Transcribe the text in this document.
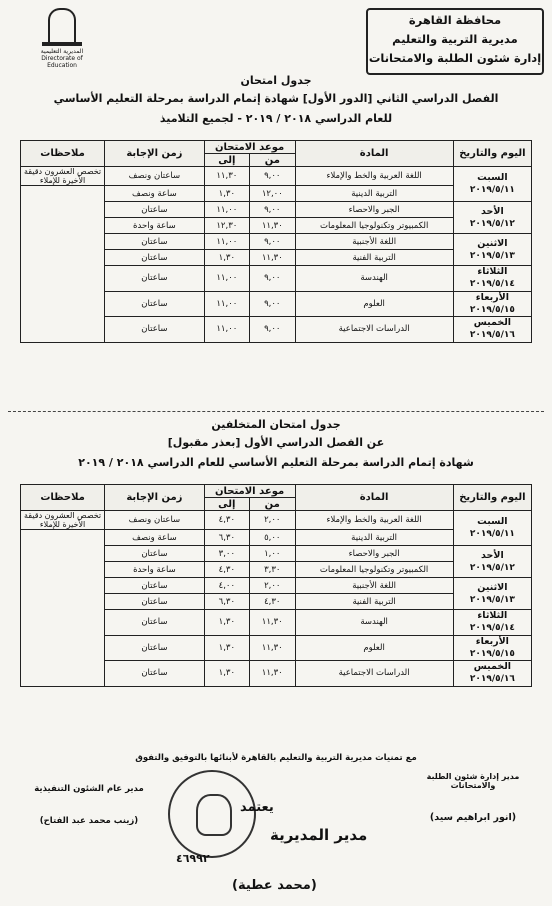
المديرية التعليمية Directorate of Education
محافظة القاهرة
مديرية التربية والتعليم
إدارة شئون الطلبة والامتحانات
جدول امتحان
الفصل الدراسي الثاني [الدور الأول] شهادة إتمام الدراسة بمرحلة التعليم الأساسي
للعام الدراسي ٢٠١٨ / ٢٠١٩ - لجميع التلاميذ
اليوم والتاريخ	المادة	موعد الامتحان		زمن الإجابة	ملاحظات
		من	إلى		

السبت
٢٠١٩/٥/١١	اللغة العربية والخط والإملاء	٩,٠٠	١١,٣٠	ساعتان ونصف	تخصص العشرون دقيقة الأخيرة للإملاء
	التربية الدينية	١٢,٠٠	١,٣٠	ساعة ونصف	

الأحد
٢٠١٩/٥/١٢	الجبر والاحصاء	٩,٠٠	١١,٠٠	ساعتان	
	الكمبيوتر وتكنولوجيا المعلومات	١١,٣٠	١٢,٣٠	ساعة واحدة	

الاثنين
٢٠١٩/٥/١٣	اللغة الأجنبية	٩,٠٠	١١,٠٠	ساعتان	
	التربية الفنية	١١,٣٠	١,٣٠	ساعتان	

الثلاثاء
٢٠١٩/٥/١٤	الهندسة	٩,٠٠	١١,٠٠	ساعتان	

الأربعاء
٢٠١٩/٥/١٥	العلوم	٩,٠٠	١١,٠٠	ساعتان	

الخميس
٢٠١٩/٥/١٦	الدراسات الاجتماعية	٩,٠٠	١١,٠٠	ساعتان	
جدول امتحان المتخلفين
عن الفصل الدراسي الأول [بعذر مقبول]
شهادة إتمام الدراسة بمرحلة التعليم الأساسي للعام الدراسي ٢٠١٨ / ٢٠١٩
اليوم والتاريخ	المادة	موعد الامتحان		زمن الإجابة	ملاحظات
		من	إلى		

السبت
٢٠١٩/٥/١١	اللغة العربية والخط والإملاء	٢,٠٠	٤,٣٠	ساعتان ونصف	تخصص العشرون دقيقة الأخيرة للإملاء
	التربية الدينية	٥,٠٠	٦,٣٠	ساعة ونصف	

الأحد
٢٠١٩/٥/١٢	الجبر والاحصاء	١,٠٠	٣,٠٠	ساعتان	
	الكمبيوتر وتكنولوجيا المعلومات	٣,٣٠	٤,٣٠	ساعة واحدة	

الاثنين
٢٠١٩/٥/١٣	اللغة الأجنبية	٢,٠٠	٤,٠٠	ساعتان	
	التربية الفنية	٤,٣٠	٦,٣٠	ساعتان	

الثلاثاء
٢٠١٩/٥/١٤	الهندسة	١١,٣٠	١,٣٠	ساعتان	

الأربعاء
٢٠١٩/٥/١٥	العلوم	١١,٣٠	١,٣٠	ساعتان	

الخميس
٢٠١٩/٥/١٦	الدراسات الاجتماعية	١١,٣٠	١,٣٠	ساعتان	
مع تمنيات مديرية التربية والتعليم بالقاهرة لأبنائها بالتوفيق والتفوق
مدير إدارة شئون الطلبة والامتحانات
(انور ابراهيم سيد)
مدير عام الشئون التنفيذية
(زينب محمد عبد الفتاح)
٤٦٩٩٢
يعتمد
مدير المديرية
(محمد عطية)
